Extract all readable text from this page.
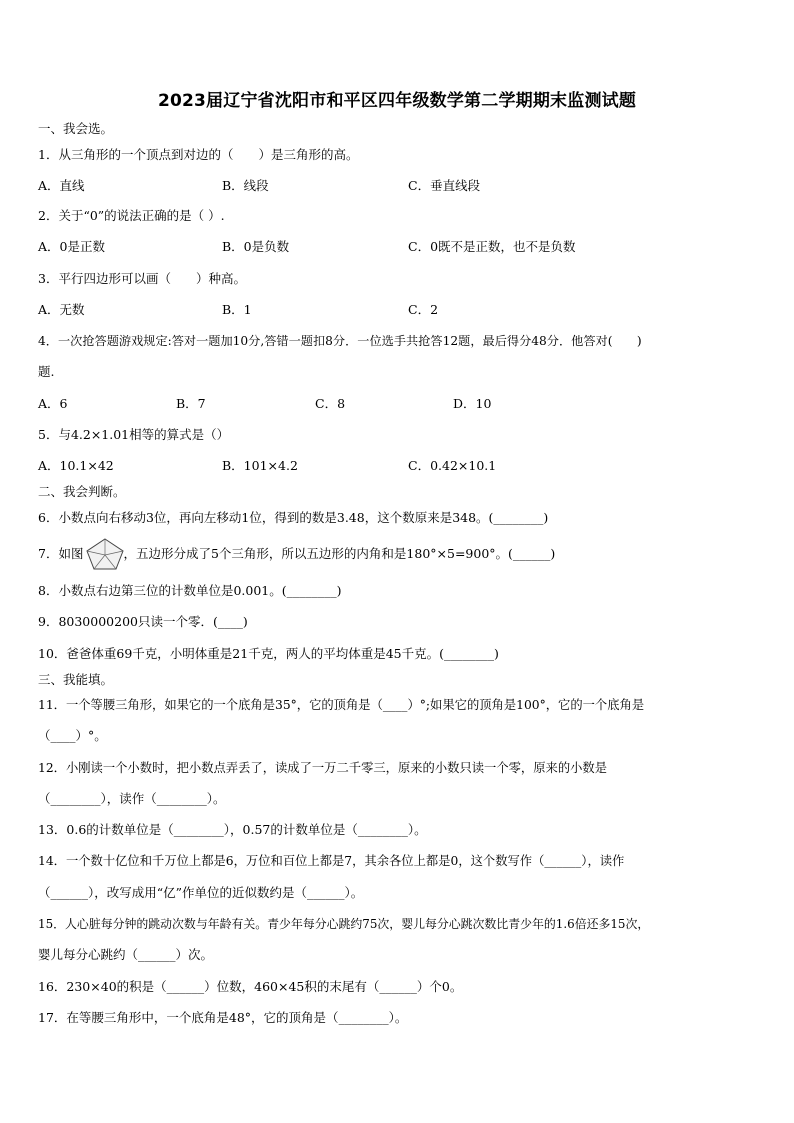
2023届辽宁省沈阳市和平区四年级数学第二学期期末监测试题
一、我会选。
1．从三角形的一个顶点到对边的（　　）是三角形的高。
A．直线	B．线段	C．垂直线段
2．关于“0”的说法正确的是（ ）.
A．0是正数	B．0是负数	C．0既不是正数，也不是负数
3．平行四边形可以画（　　）种高。
A．无数	B．1	C．2
4．一次抢答题游戏规定:答对一题加10分,答错一题扣8分．一位选手共抢答12题，最后得分48分．他答对(　　)
题.
A．6	B．7	C．8	D．10
5．与4.2×1.01相等的算式是（）
A．10.1×42	B．101×4.2	C．0.42×10.1
二、我会判断。
6．小数点向右移动3位，再向左移动1位，得到的数是3.48，这个数原来是348。(________)
7．如图	，五边形分成了5个三角形，所以五边形的内角和是180°×5=900°。(______)
8．小数点右边第三位的计数单位是0.001。(________)
9．8030000200只读一个零．(____)
10．爸爸体重69千克，小明体重是21千克，两人的平均体重是45千克。(________)
三、我能填。
11．一个等腰三角形，如果它的一个底角是35°，它的顶角是（____）°;如果它的顶角是100°，它的一个底角是
（____）°。
12．小刚读一个小数时，把小数点弄丢了，读成了一万二千零三，原来的小数只读一个零，原来的小数是
（________），读作（________）。
13．0.6的计数单位是（________），0.57的计数单位是（________）。
14．一个数十亿位和千万位上都是6，万位和百位上都是7，其余各位上都是0，这个数写作（______），读作
（______），改写成用“亿”作单位的近似数约是（______）。
15．人心脏每分钟的跳动次数与年龄有关。青少年每分心跳约75次，婴儿每分心跳次数比青少年的1.6倍还多15次，
婴儿每分心跳约（______）次。
16．230×40的积是（______）位数，460×45积的末尾有（______）个0。
17．在等腰三角形中，一个底角是48°，它的顶角是（________）。
